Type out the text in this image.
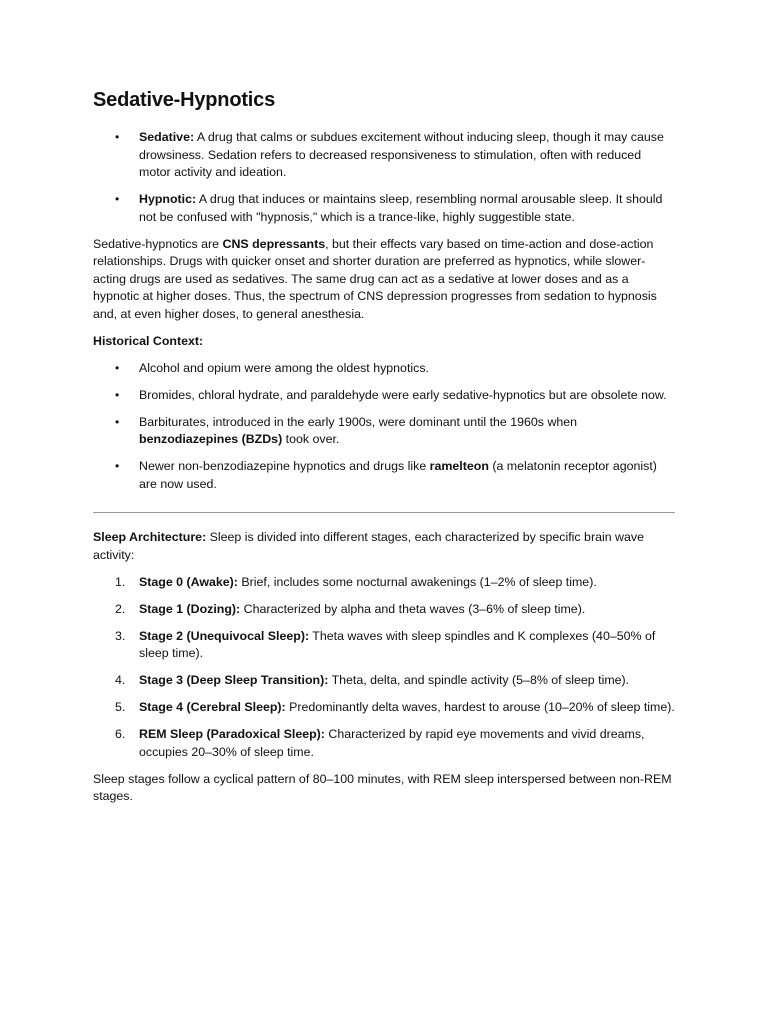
Sedative-Hypnotics
• Sedative: A drug that calms or subdues excitement without inducing sleep, though it may cause drowsiness. Sedation refers to decreased responsiveness to stimulation, often with reduced motor activity and ideation.
• Hypnotic: A drug that induces or maintains sleep, resembling normal arousable sleep. It should not be confused with "hypnosis," which is a trance-like, highly suggestible state.

Sedative-hypnotics are CNS depressants, but their effects vary based on time-action and dose-action relationships. Drugs with quicker onset and shorter duration are preferred as hypnotics, while slower-acting drugs are used as sedatives. The same drug can act as a sedative at lower doses and as a hypnotic at higher doses. Thus, the spectrum of CNS depression progresses from sedation to hypnosis and, at even higher doses, to general anesthesia.

Historical Context:

• Alcohol and opium were among the oldest hypnotics.
• Bromides, chloral hydrate, and paraldehyde were early sedative-hypnotics but are obsolete now.
• Barbiturates, introduced in the early 1900s, were dominant until the 1960s when benzodiazepines (BZDs) took over.
• Newer non-benzodiazepine hypnotics and drugs like ramelteon (a melatonin receptor agonist) are now used.

Sleep Architecture: Sleep is divided into different stages, each characterized by specific brain wave activity:

1. Stage 0 (Awake): Brief, includes some nocturnal awakenings (1–2% of sleep time).
2. Stage 1 (Dozing): Characterized by alpha and theta waves (3–6% of sleep time).
3. Stage 2 (Unequivocal Sleep): Theta waves with sleep spindles and K complexes (40–50% of sleep time).
4. Stage 3 (Deep Sleep Transition): Theta, delta, and spindle activity (5–8% of sleep time).
5. Stage 4 (Cerebral Sleep): Predominantly delta waves, hardest to arouse (10–20% of sleep time).
6. REM Sleep (Paradoxical Sleep): Characterized by rapid eye movements and vivid dreams, occupies 20–30% of sleep time.

Sleep stages follow a cyclical pattern of 80–100 minutes, with REM sleep interspersed between non-REM stages.
